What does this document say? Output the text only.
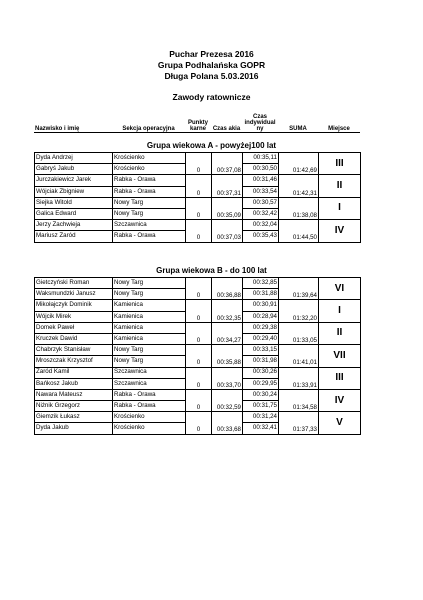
Puchar Prezesa 2016
Grupa Podhalańska GOPR
Długa Polana 5.03.2016
Zawody ratownicze
Nazwisko i imię	Sekcja operacyjna	Punkty karne	Czas akia	Czas indywidual ny	SUMA	Miejsce
Grupa wiekowa A - powyżej100 lat
Dyda Andrzej	Krościenko	0	00:37,08	00:35,11	01:42,69	III
Gabryś Jakub	Krościenko			00:30,50		
Jurczakiewicz Jarek	Rabka - Orawa	0	00:37,31	00:31,46	01:42,31	II
Wójciak Zbigniew	Rabka - Orawa			00:33,54		
Siejka Witold	Nowy Targ	0	00:35,09	00:30,57	01:38,08	I
Galica Edward	Nowy Targ			00:32,42		
Jerzy Zachwieja	Szczawnica	0	00:37,03	00:32,04	01:44,50	IV
Mariusz Zaród	Rabka - Orawa			00:35,43		
Grupa wiekowa B - do 100 lat
Gietczyński Roman	Nowy Targ	0	00:36,88	00:32,85	01:39,64	VI
Waksmundzki Janusz	Nowy Targ			00:31,88		
Mikołajczyk Dominik	Kamienica	0	00:32,35	00:30,91	01:32,20	I
Wójcik Mirek	Kamienica			00:28,94		
Domek Paweł	Kamienica	0	00:34,27	00:29,38	01:33,05	II
Kruczek Dawid	Kamienica			00:29,40		
Chabrzyk Stanisław	Nowy Targ	0	00:35,88	00:33,15	01:41,01	VII
Mroszczak Krzysztof	Nowy Targ			00:31,98		
Zaród Kamil	Szczawnica	0	00:33,70	00:30,26	01:33,91	III
Bańkosz Jakub	Szczawnica			00:29,95		
Nawara Mateusz	Rabka - Orawa	0	00:32,59	00:30,24	01:34,58	IV
Niżnik Grzegorz	Rabka - Orawa			00:31,75		
Giemzik Łukasz	Krościenko	0	00:33,68	00:31,24	01:37,33	V
Dyda Jakub	Krościenko			00:32,41		
